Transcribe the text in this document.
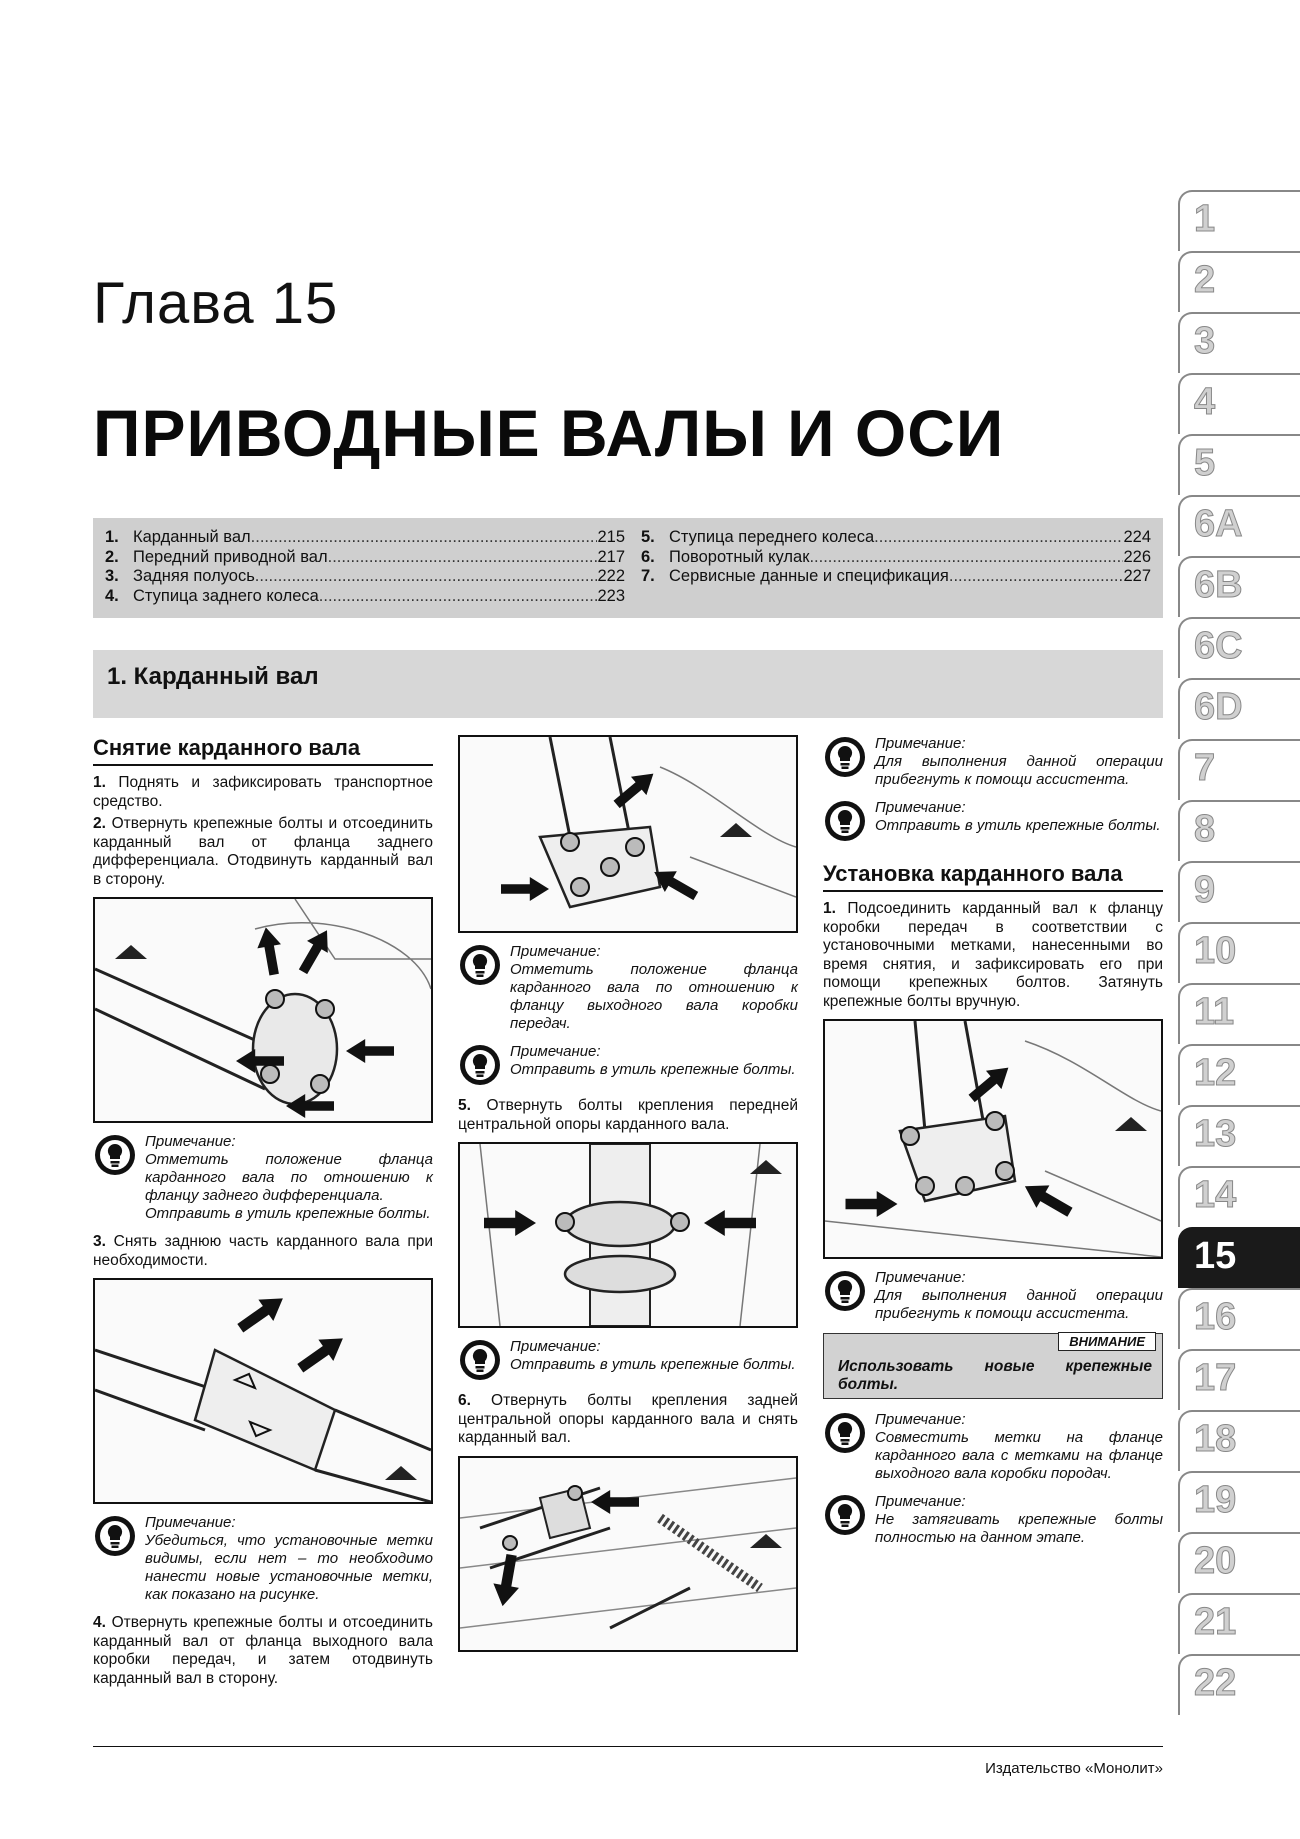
Глава 15
ПРИВОДНЫЕ ВАЛЫ И ОСИ
1. Карданный вал .....	215
2. Передний приводной вал .....	217
3. Задняя полуось .....	222
4. Ступица заднего колеса .....	223
5. Ступица переднего колеса .....	224
6. Поворотный кулак .....	226
7. Сервисные данные и спецификация .....	227
1. Карданный вал
Снятие карданного вала

1. Поднять и зафиксировать транспортное средство.

2. Отвернуть крепежные болты и отсоединить карданный вал от фланца заднего дифференциала. Отодвинуть карданный вал в сторону.

Примечание:
Отметить положение фланца карданного вала по отношению к фланцу заднего дифференциала.
Отправить в утиль крепежные болты.

3. Снять заднюю часть карданного вала при необходимости.

Примечание:
Убедиться, что установочные метки видимы, если нет – то необходимо нанести новые установочные метки, как показано на рисунке.

4. Отвернуть крепежные болты и отсоединить карданный вал от фланца выходного вала коробки передач, и затем отодвинуть карданный вал в сторону.

Примечание:
Отметить положение фланца карданного вала по отношению к фланцу выходного вала коробки передач.
Примечание:
Отправить в утиль крепежные болты.

5. Отвернуть болты крепления передней центральной опоры карданного вала.

Примечание:
Отправить в утиль крепежные болты.

6. Отвернуть болты крепления задней центральной опоры карданного вала и снять карданный вал.

Примечание:
Для выполнения данной операции прибегнуть к помощи ассистента.
Примечание:
Отправить в утиль крепежные болты.
Установка карданного вала

1. Подсоединить карданный вал к фланцу коробки передач в соответствии с установочными метками, нанесенными во время снятия, и зафиксировать его при помощи крепежных болтов. Затянуть крепежные болты вручную.

Примечание:
Для выполнения данной операции прибегнуть к помощи ассистента.
ВНИМАНИЕ
Использовать новые крепежные болты.
Примечание:
Совместить метки на фланце карданного вала с метками на фланце выходного вала коробки породач.
Примечание:
Не затягивать крепежные болты полностью на данном этапе.
Издательство «Монолит»
1
2
3
4
5
6A
6B
6C
6D
7
8
9
10
11
12
13
14
15
16
17
18
19
20
21
22
